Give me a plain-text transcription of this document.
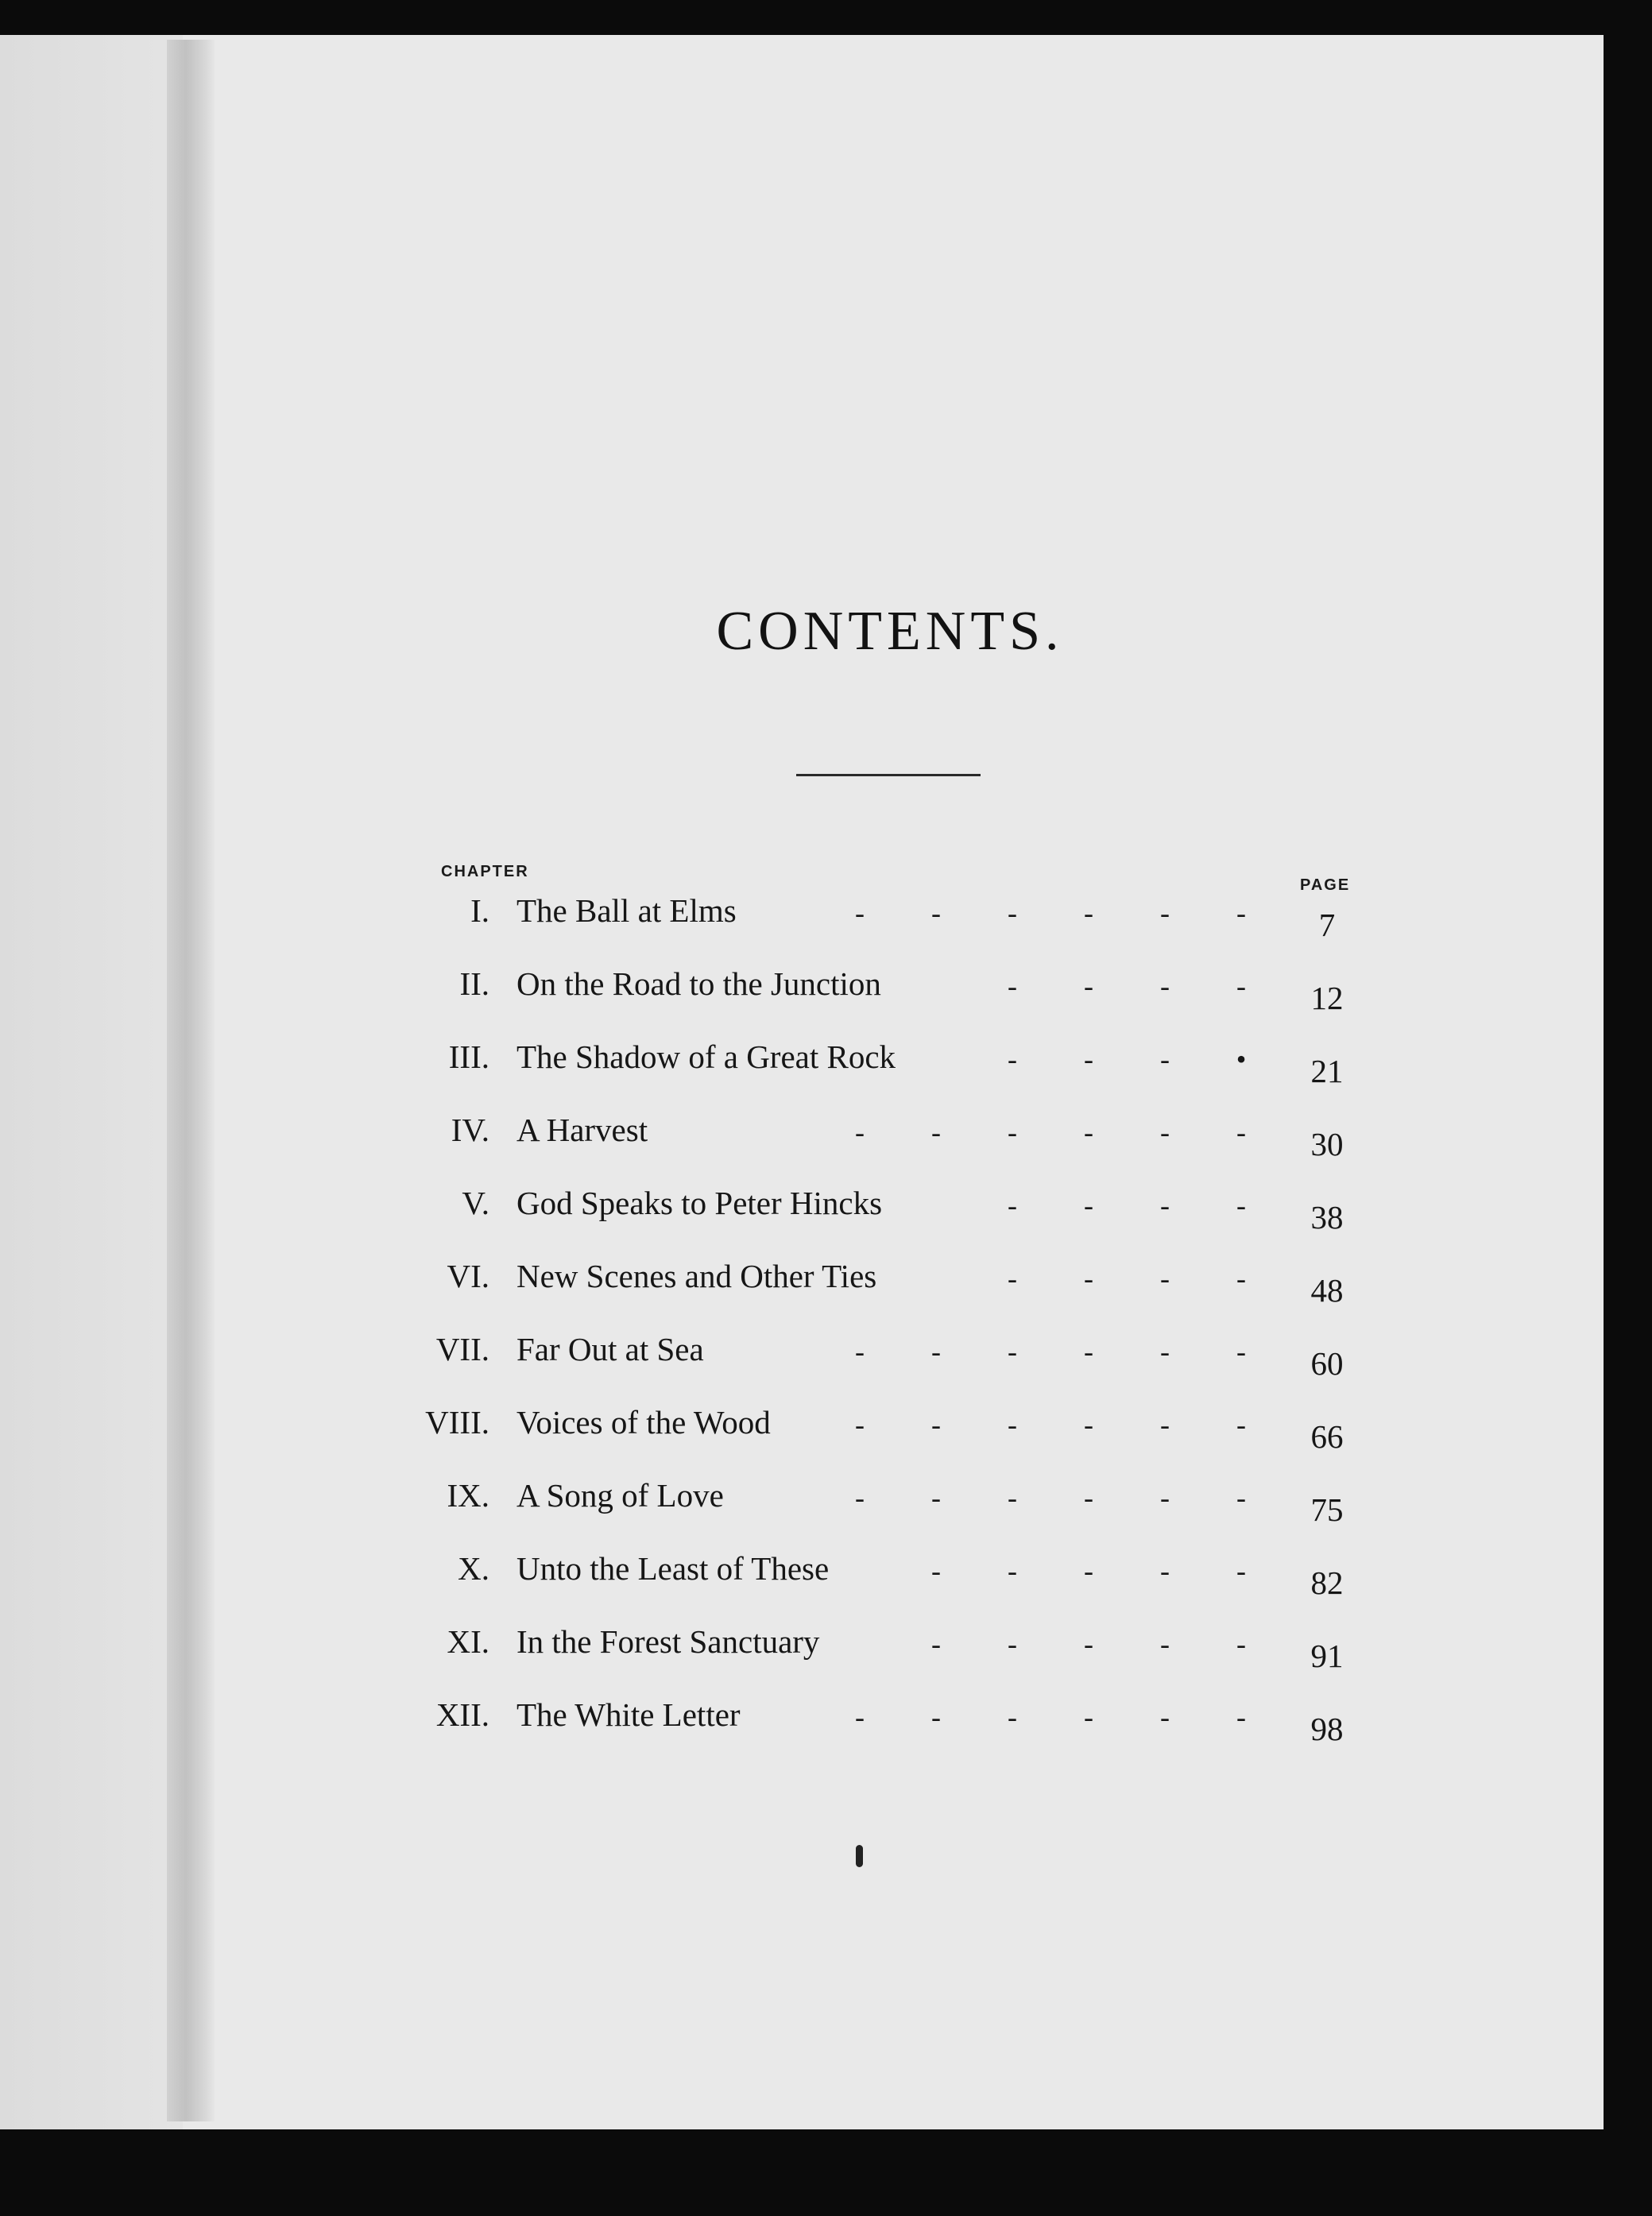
CONTENTS.
CHAPTER
PAGE
I. The Ball at Elms	- - - - - -	7
II. On the Road to the Junction	- - - -	12
III. The Shadow of a Great Rock	- - - •	21
IV. A Harvest	- - - - - -	30
V. God Speaks to Peter Hincks	- - - -	38
VI. New Scenes and Other Ties	- - - -	48
VII. Far Out at Sea	- - - - - -	60
VIII. Voices of the Wood	- - - - - -	66
IX. A Song of Love	- - - - - -	75
X. Unto the Least of These	- - - - -	82
XI. In the Forest Sanctuary	- - - - -	91
XII. The White Letter	- - - - - -	98
